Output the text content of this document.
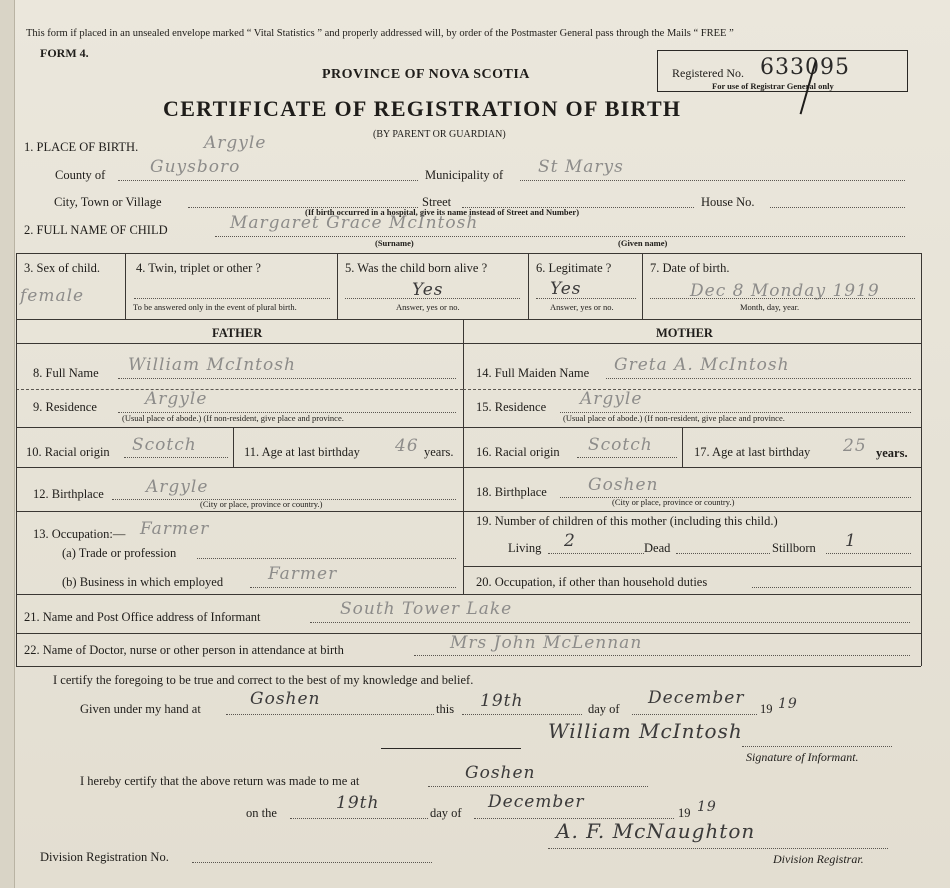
This form if placed in an unsealed envelope marked “ Vital Statistics ” and properly addressed will, by order of the Postmaster General pass through the Mails “ FREE ”
FORM 4.
PROVINCE OF NOVA SCOTIA
CERTIFICATE OF REGISTRATION OF BIRTH
(BY PARENT OR GUARDIAN)
Registered No. 633095
For use of Registrar General only
1. PLACE OF BIRTH.	Argyle
County of	Guysboro	Municipality of St Marys
City, Town or Village	Street	House No.
(If birth occurred in a hospital, give its name instead of Street and Number)
2. FULL NAME OF CHILD	Margaret Grace McIntosh
(Surname)	(Given name)
3. Sex of child.
female
4. Twin, triplet or other ?
To be answered only in the event of plural birth.
5. Was the child born alive ?
Yes
Answer, yes or no.
6. Legitimate ?
Yes
Answer, yes or no.
7. Date of birth.
Dec 8 Monday 1919
Month, day, year.
FATHER	MOTHER
8. Full Name William McIntosh
9. Residence	Argyle
(Usual place of abode.) (If non-resident, give place and province.
10. Racial origin Scotch	11. Age at last birthday 46 years.
12. Birthplace Argyle
(City or place, province or country.)
13. Occupation:— Farmer
(a) Trade or profession
(b) Business in which employed	Farmer
14. Full Maiden Name Greta A. McIntosh
15. Residence Argyle
(Usual place of abode.) (If non-resident, give place and province.
16. Racial origin Scotch	17. Age at last birthday 25 years.
18. Birthplace Goshen
(City or place, province or country.)
19. Number of children of this mother (including this child.)
Living 2	Dead	Stillborn 1
20. Occupation, if other than household duties
21. Name and Post Office address of Informant	South Tower Lake
22. Name of Doctor, nurse or other person in attendance at birth	Mrs John McLennan
I certify the foregoing to be true and correct to the best of my knowledge and belief.
Given under my hand at	Goshen	this 19th	day of
December
19 19
William McIntosh
Signature of Informant.
I hereby certify that the above return was made to me at	Goshen
on the	19th	day of
December
19 19
A. F. McNaughton
Division Registrar.
Division Registration No.
